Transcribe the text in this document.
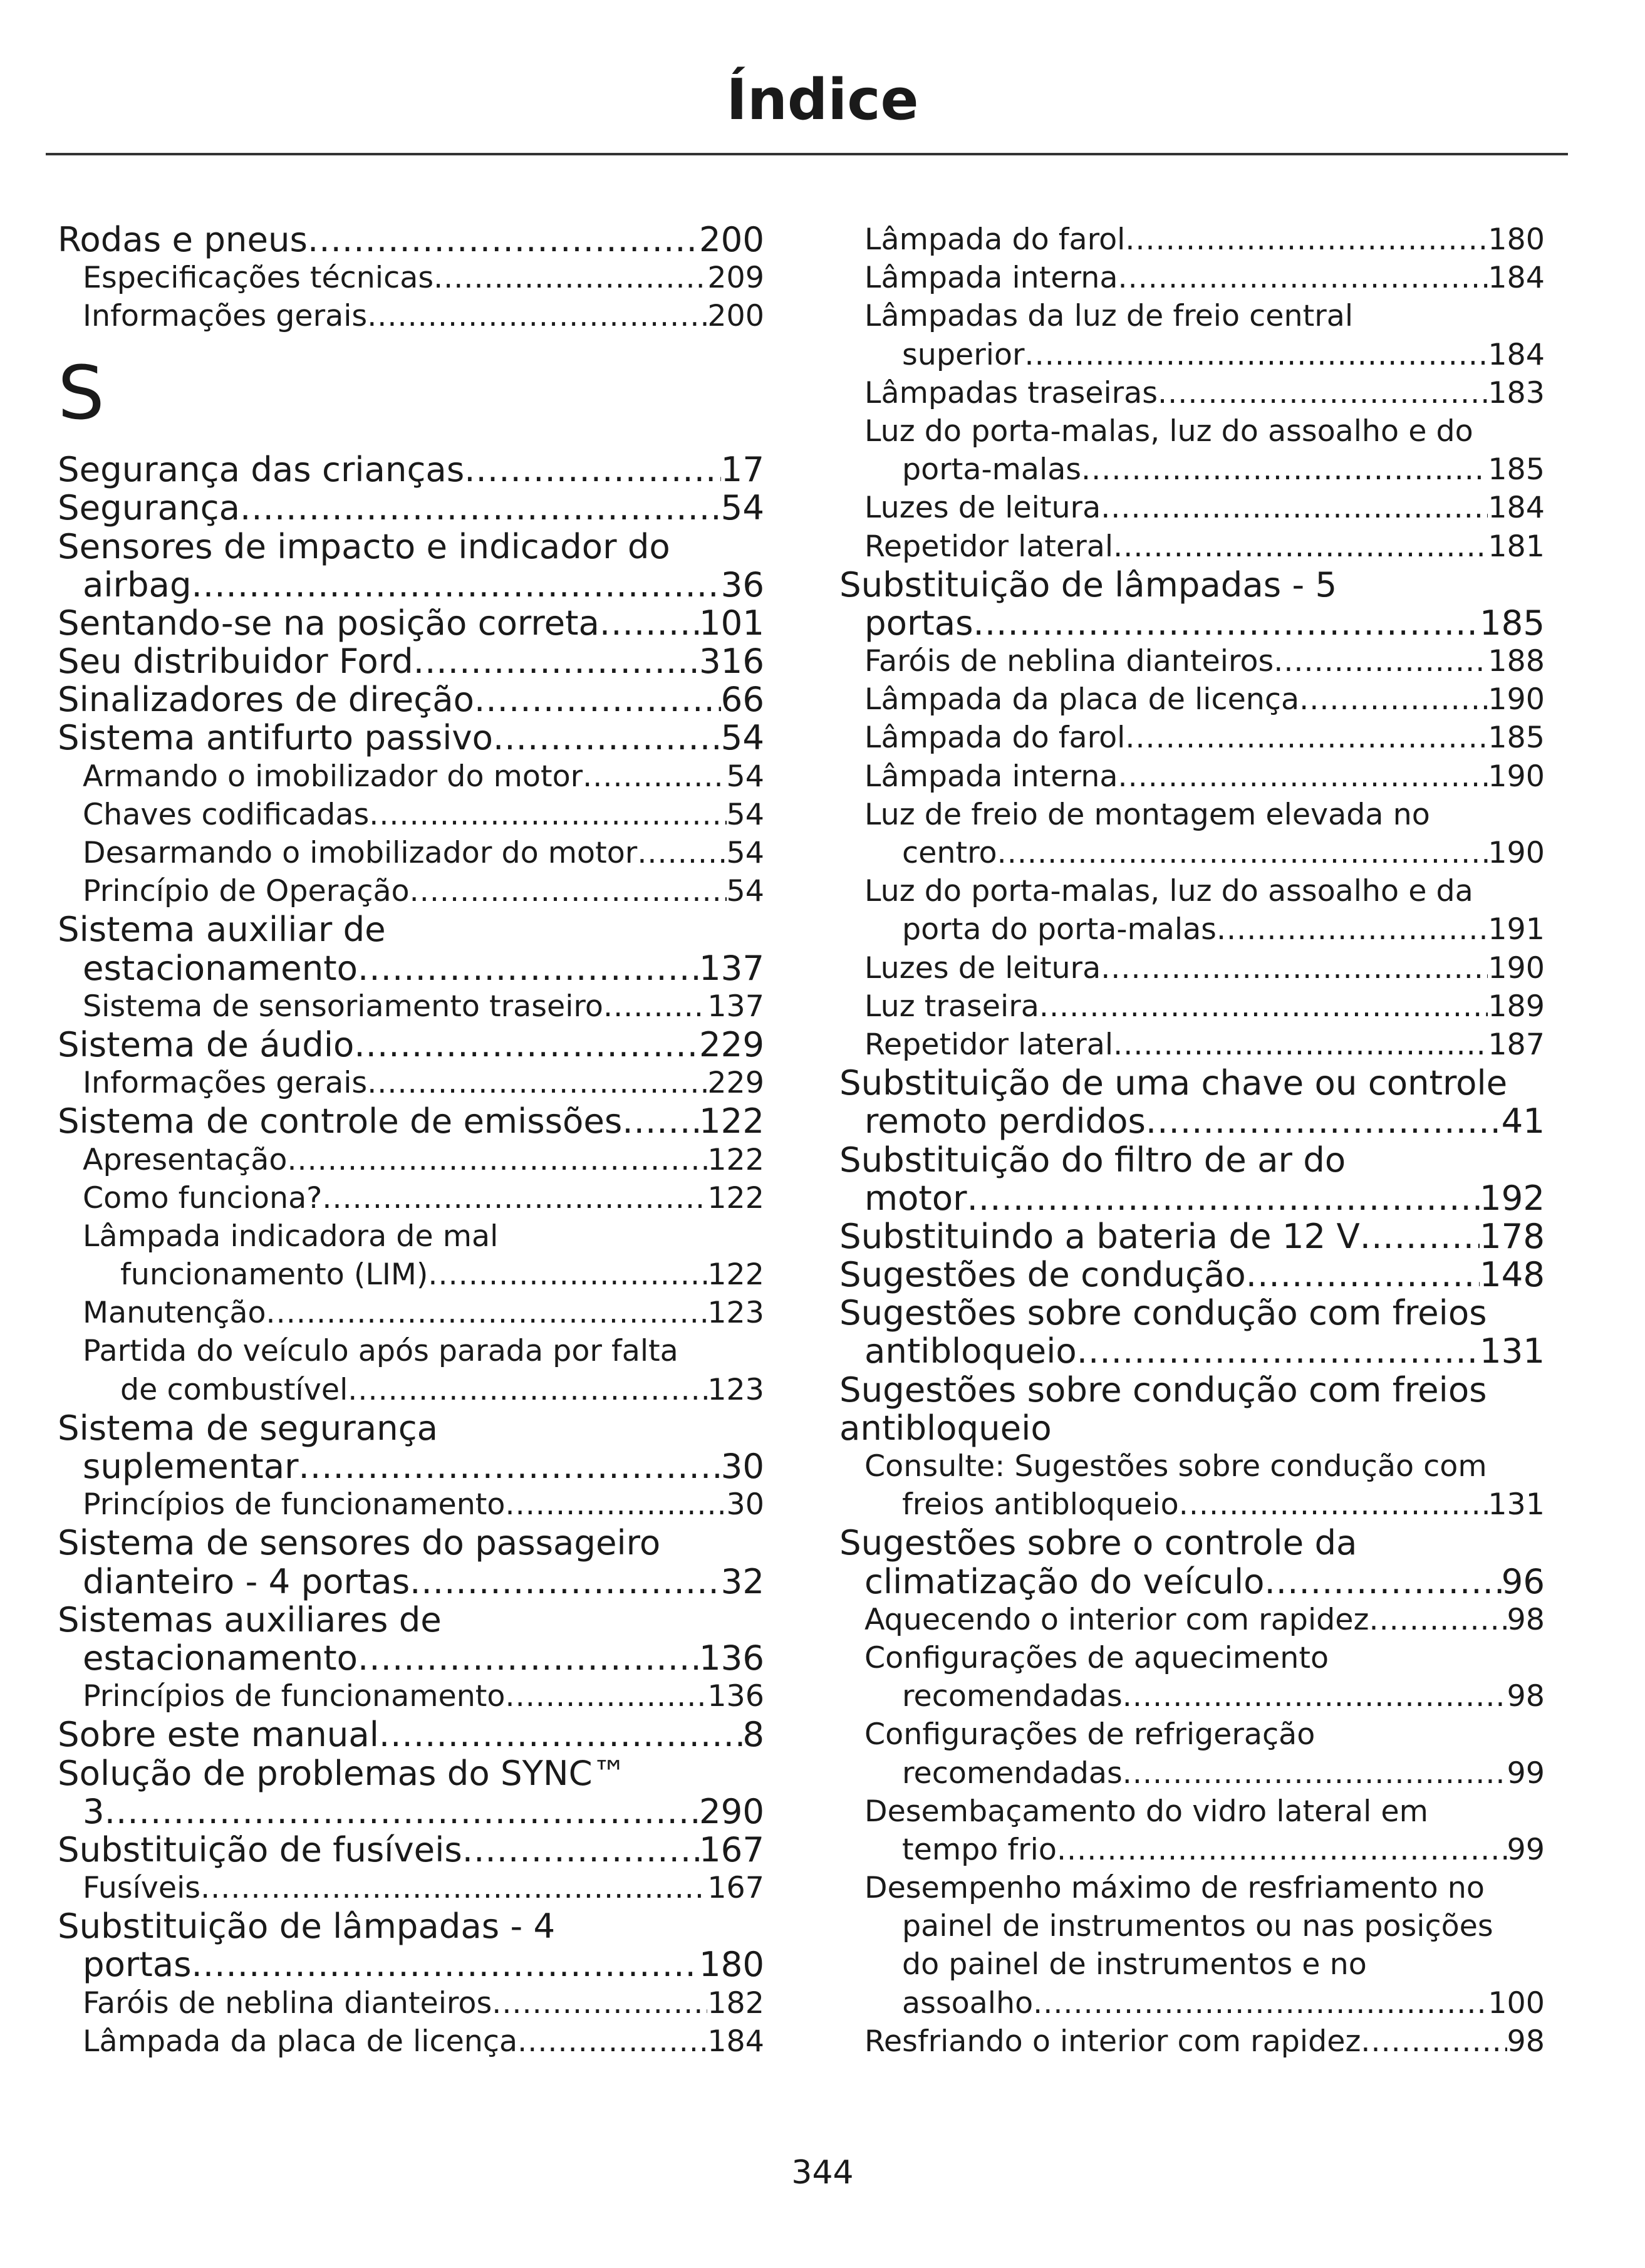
Índice
Rodas e pneus .....	200
Especificações técnicas .....	209
Informações gerais .....	200
S
Segurança das crianças .....	17
Segurança .....	54
Sensores de impacto e indicador do
airbag .....	36
Sentando-se na posição correta .....	101
Seu distribuidor Ford .....	316
Sinalizadores de direção .....	66
Sistema antifurto passivo .....	54
Armando o imobilizador do motor .....	54
Chaves codificadas .....	54
Desarmando o imobilizador do motor .....	54
Princípio de Operação .....	54
Sistema auxiliar de
estacionamento .....	137
Sistema de sensoriamento traseiro .....	137
Sistema de áudio .....	229
Informações gerais .....	229
Sistema de controle de emissões ..... 122
Apresentação .....	122
Como funciona? .....	122
Lâmpada indicadora de mal
funcionamento (LIM) .....	122
Manutenção .....	123
Partida do veículo após parada por falta
de combustível .....	123
Sistema de segurança
suplementar .....	30
Princípios de funcionamento .....	30
Sistema de sensores do passageiro
dianteiro - 4 portas .....	32
Sistemas auxiliares de
estacionamento .....	136
Princípios de funcionamento .....	136
Sobre este manual .....	8
Solução de problemas do SYNC™
3 .....	290
Substituição de fusíveis .....	167
Fusíveis .....	167
Substituição de lâmpadas - 4
portas .....	180
Faróis de neblina dianteiros .....	182
Lâmpada da placa de licença .....	184
Lâmpada do farol .....	180
Lâmpada interna .....	184
Lâmpadas da luz de freio central
superior .....	184
Lâmpadas traseiras .....	183
Luz do porta-malas, luz do assoalho e do
porta-malas .....	185
Luzes de leitura .....	184
Repetidor lateral .....	181
Substituição de lâmpadas - 5
portas .....	185
Faróis de neblina dianteiros .....	188
Lâmpada da placa de licença .....	190
Lâmpada do farol .....	185
Lâmpada interna .....	190
Luz de freio de montagem elevada no
centro .....	190
Luz do porta-malas, luz do assoalho e da
porta do porta-malas .....	191
Luzes de leitura .....	190
Luz traseira .....	189
Repetidor lateral .....	187
Substituição de uma chave ou controle
remoto perdidos .....	41
Substituição do filtro de ar do
motor .....	192
Substituindo a bateria de 12 V .....	178
Sugestões de condução .....	148
Sugestões sobre condução com freios
antibloqueio .....	131
Sugestões sobre condução com freios
antibloqueio
Consulte: Sugestões sobre condução com
freios antibloqueio .....	131
Sugestões sobre o controle da
climatização do veículo .....	96
Aquecendo o interior com rapidez .....	98
Configurações de aquecimento
recomendadas .....	98
Configurações de refrigeração
recomendadas .....	99
Desembaçamento do vidro lateral em
tempo frio .....	99
Desempenho máximo de resfriamento no
painel de instrumentos ou nas posições
do painel de instrumentos e no
assoalho .....	100
Resfriando o interior com rapidez .....	98
344
